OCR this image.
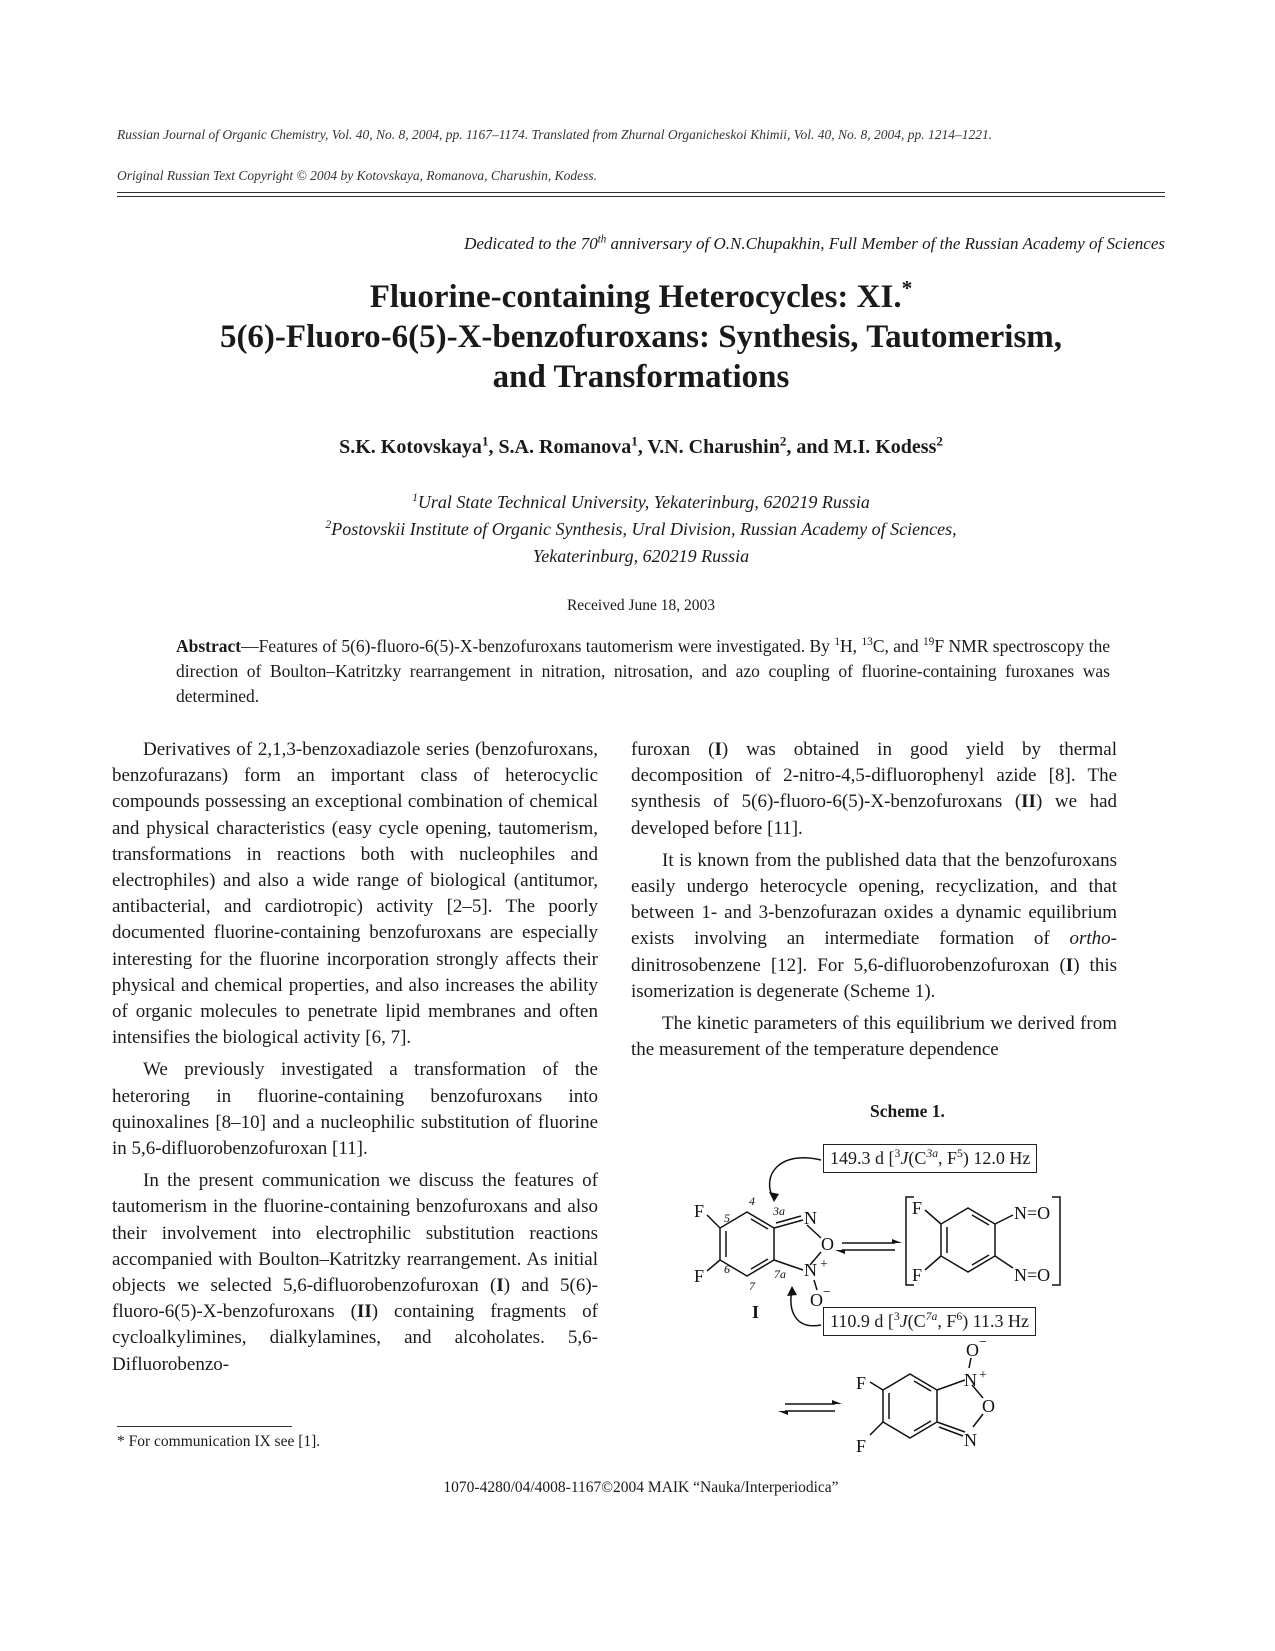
Russian Journal of Organic Chemistry, Vol. 40, No. 8, 2004, pp. 1167–1174. Translated from Zhurnal Organicheskoi Khimii, Vol. 40, No. 8, 2004, pp. 1214–1221.
Original Russian Text Copyright © 2004 by Kotovskaya, Romanova, Charushin, Kodess.
Dedicated to the 70th anniversary of O.N.Chupakhin, Full Member of the Russian Academy of Sciences
Fluorine-containing Heterocycles: XI.*
5(6)-Fluoro-6(5)-X-benzofuroxans: Synthesis, Tautomerism,
and Transformations
S.K. Kotovskaya$^1$, S.A. Romanova$^1$, V.N. Charushin$^2$, and M.I. Kodess$^2$
$^1$Ural State Technical University, Yekaterinburg, 620219 Russia
$^2$Postovskii Institute of Organic Synthesis, Ural Division, Russian Academy of Sciences,
Yekaterinburg, 620219 Russia
Received June 18, 2003
Abstract—Features of 5(6)-fluoro-6(5)-X-benzofuroxans tautomerism were investigated. By $^1$H, $^{13}$C, and $^{19}$F NMR spectroscopy the direction of Boulton–Katritzky rearrangement in nitration, nitrosation, and azo coupling of fluorine-containing furoxanes was determined.

Derivatives of 2,1,3-benzoxadiazole series (benzofuroxans, benzofurazans) form an important class of heterocyclic compounds possessing an exceptional combination of chemical and physical characteristics (easy cycle opening, tautomerism, transformations in reactions both with nucleophiles and electrophiles) and also a wide range of biological (antitumor, antibacterial, and cardiotropic) activity [2–5]. The poorly documented fluorine-containing benzofuroxans are especially interesting for the fluorine incorporation strongly affects their physical and chemical properties, and also increases the ability of organic molecules to penetrate lipid membranes and often intensifies the biological activity [6, 7].

We previously investigated a transformation of the heteroring in fluorine-containing benzofuroxans into quinoxalines [8–10] and a nucleophilic substitution of fluorine in 5,6-difluorobenzofuroxan [11].

In the present communication we discuss the features of tautomerism in the fluorine-containing benzofuroxans and also their involvement into electrophilic substitution reactions accompanied with Boulton–Katritzky rearrangement. As initial objects we selected 5,6-difluorobenzofuroxan (I) and 5(6)-fluoro-6(5)-X-benzofuroxans (II) containing fragments of cycloalkylimines, dialkylamines, and alcoholates. 5,6-Difluorobenzo-

* For communication IX see [1].

furoxan (I) was obtained in good yield by thermal decomposition of 2-nitro-4,5-difluorophenyl azide [8]. The synthesis of 5(6)-fluoro-6(5)-X-benzofuroxans (II) we had developed before [11].

It is known from the published data that the benzofuroxans easily undergo heterocycle opening, recyclization, and that between 1- and 3-benzofurazan oxides a dynamic equilibrium exists involving an intermediate formation of ortho-dinitrosobenzene [12]. For 5,6-difluorobenzofuroxan (I) this isomerization is degenerate (Scheme 1).

The kinetic parameters of this equilibrium we derived from the measurement of the temperature dependence

Scheme 1.
149.3 d [$^3J(C^{3a}$, $F^5$) 12.0 Hz
110.9 d [$^3J(C^{7a}$, $F^6$) 11.3 Hz
F
F
N
O
N +
O −
I
4
5
6
7
3a
7a
F
F
N=O
N=O
F
F
N +
O
N
O −
1070-4280/04/4008-1167©2004 MAIK “Nauka/Interperiodica”
